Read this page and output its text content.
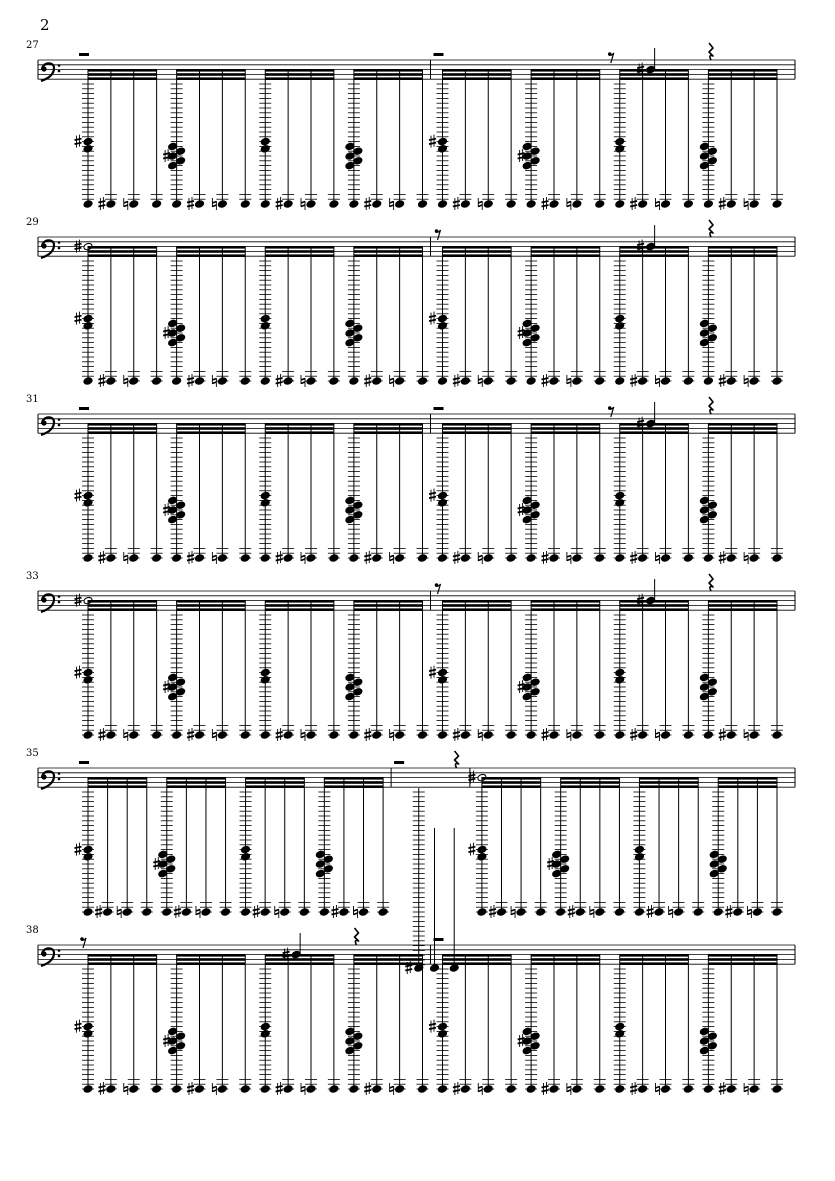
2
27
29
31
33
35
38
